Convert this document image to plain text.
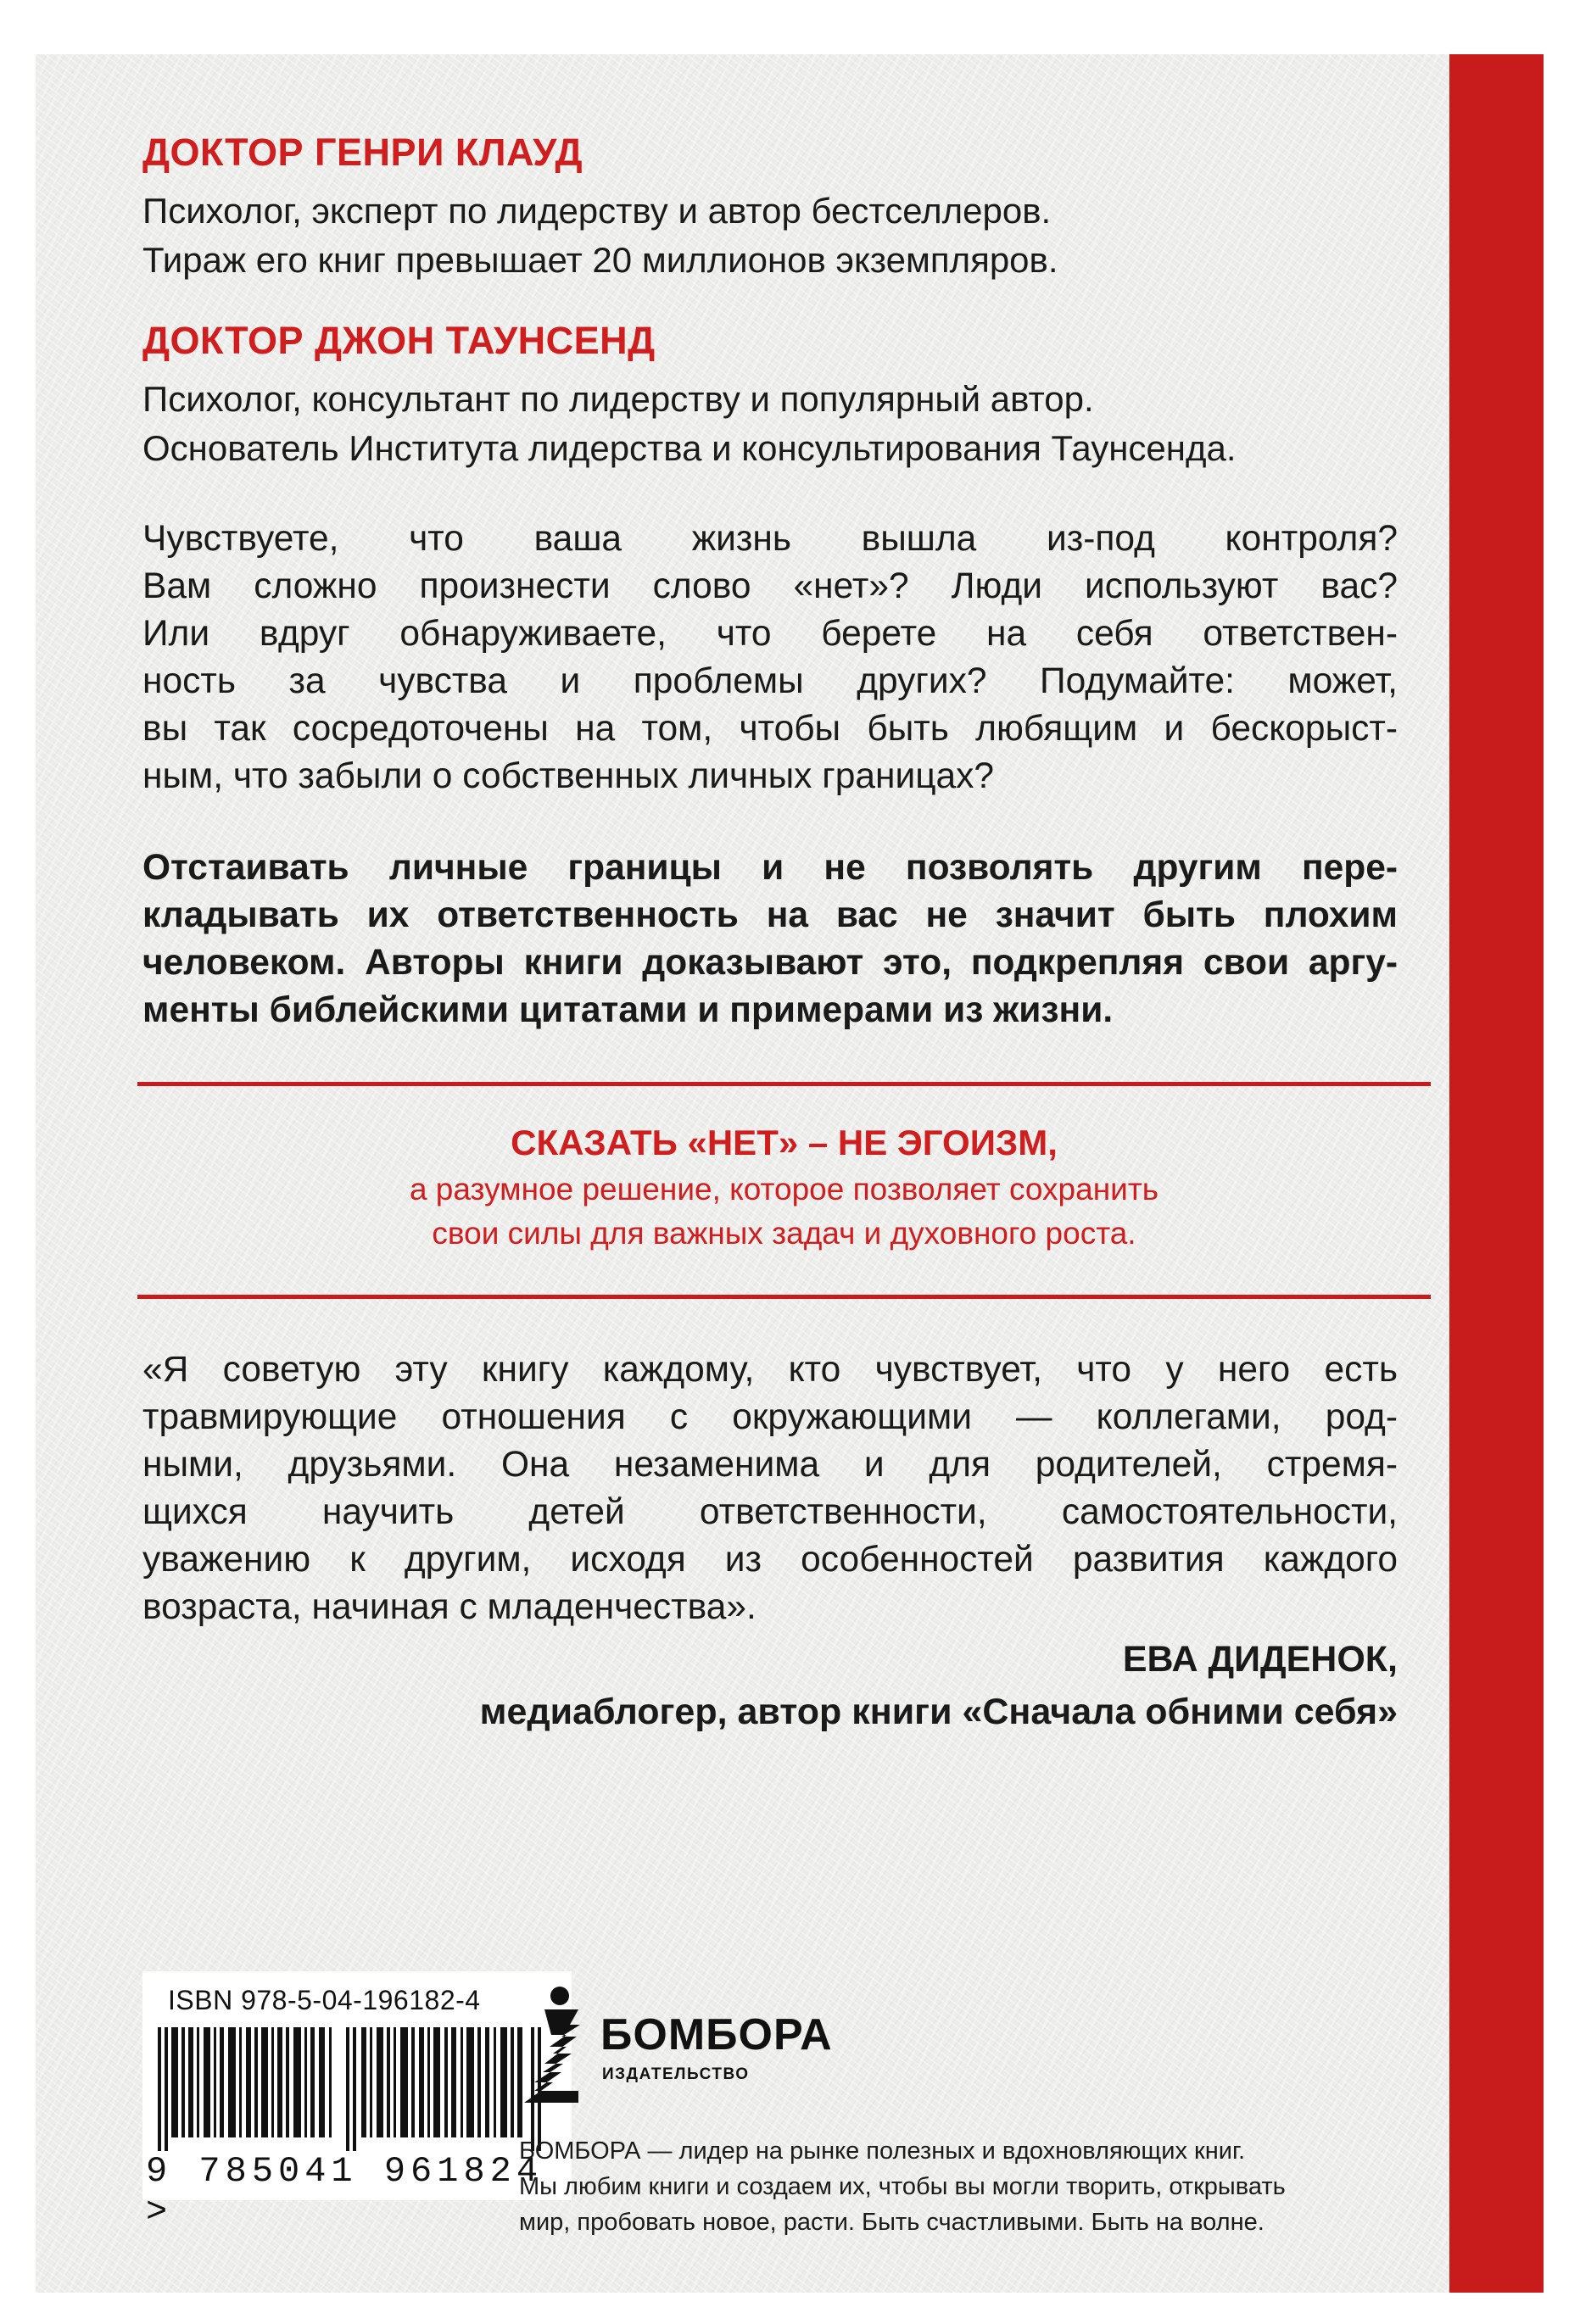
ДОКТОР ГЕНРИ КЛАУД

Психолог, эксперт по лидерству и автор бестселлеров.
Тираж его книг превышает 20 миллионов экземпляров.

ДОКТОР ДЖОН ТАУНСЕНД

Психолог, консультант по лидерству и популярный автор.
Основатель Института лидерства и консультирования Таунсенда.

Чувствуете, что ваша жизнь вышла из-под контроля?
Вам сложно произнести слово «нет»? Люди используют вас?
Или вдруг обнаруживаете, что берете на себя ответствен-
ность за чувства и проблемы других? Подумайте: может,
вы так сосредоточены на том, чтобы быть любящим и бескорыст-
ным, что забыли о собственных личных границах?

Отстаивать личные границы и не позволять другим пере-
кладывать их ответственность на вас не значит быть плохим
человеком. Авторы книги доказывают это, подкрепляя свои аргу-
менты библейскими цитатами и примерами из жизни.

СКАЗАТЬ «НЕТ» – НЕ ЭГОИЗМ,
а разумное решение, которое позволяет сохранить
свои силы для важных задач и духовного роста.

«Я советую эту книгу каждому, кто чувствует, что у него есть
травмирующие отношения с окружающими — коллегами, род-
ными, друзьями. Она незаменима и для родителей, стремя-
щихся научить детей ответственности, самостоятельности,
уважению к другим, исходя из особенностей развития каждого
возраста, начиная с младенчества».

ЕВА ДИДЕНОК,
медиаблогер, автор книги «Сначала обними себя»
ISBN 978-5-04-196182-4
9 785041 961824 >
БОМБОРА
ИЗДАТЕЛЬСТВО
БОМБОРА — лидер на рынке полезных и вдохновляющих книг.
Мы любим книги и создаем их, чтобы вы могли творить, открывать
мир, пробовать новое, расти. Быть счастливыми. Быть на волне.
